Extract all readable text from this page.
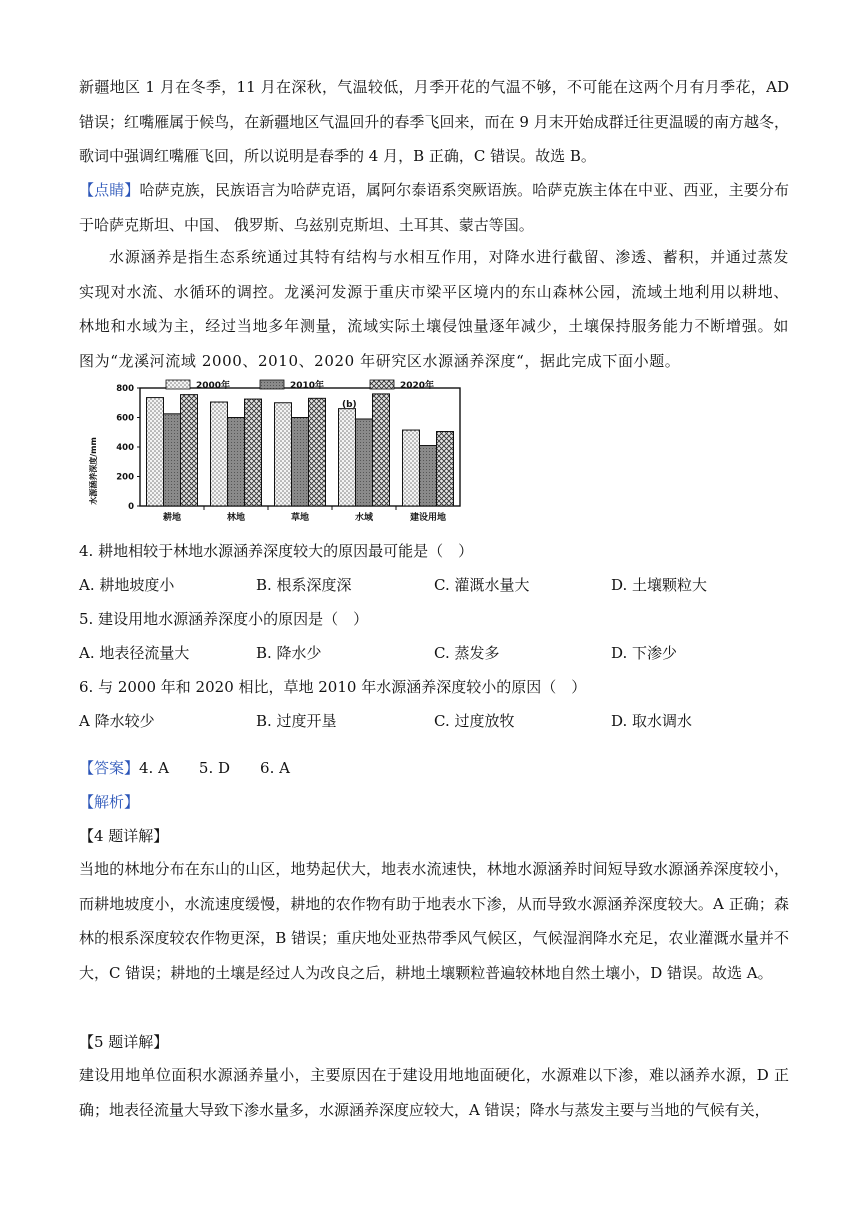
新疆地区 1 月在冬季，11 月在深秋，气温较低，月季开花的气温不够，不可能在这两个月有月季花，AD 错误；红嘴雁属于候鸟，在新疆地区气温回升的春季飞回来，而在 9 月末开始成群迁往更温暖的南方越冬，歌词中强调红嘴雁飞回，所以说明是春季的 4 月，B 正确，C 错误。故选 B。

【点睛】哈萨克族，民族语言为哈萨克语，属阿尔泰语系突厥语族。哈萨克族主体在中亚、西亚，主要分布于哈萨克斯坦、中国、 俄罗斯、乌兹别克斯坦、土耳其、蒙古等国。

水源涵养是指生态系统通过其特有结构与水相互作用，对降水进行截留、渗透、蓄积，并通过蒸发实现对水流、水循环的调控。龙溪河发源于重庆市梁平区境内的东山森林公园，流域土地利用以耕地、林地和水域为主，经过当地多年测量，流域实际土壤侵蚀量逐年减少，土壤保持服务能力不断增强。如图为“龙溪河流域 2000、2010、2020 年研究区水源涵养深度“，据此完成下面小题。

0
200
400
600
800
耕地	林地	草地	水域	建设用地
2000年	2010年	2020年
水源涵养深度/mm
(b)
4. 耕地相较于林地水源涵养深度较大的原因最可能是（　）
A. 耕地坡度小	B. 根系深度深	C. 灌溉水量大	D. 土壤颗粒大
5. 建设用地水源涵养深度小的原因是（　）
A. 地表径流量大	B. 降水少	C. 蒸发多	D. 下渗少
6. 与 2000 年和 2020 相比，草地 2010 年水源涵养深度较小的原因（　）
A 降水较少	B. 过度开垦	C. 过度放牧	D. 取水调水
【答案】4. A　　5. D　　6. A
【解析】
【4 题详解】

当地的林地分布在东山的山区，地势起伏大，地表水流速快，林地水源涵养时间短导致水源涵养深度较小，而耕地坡度小，水流速度缓慢，耕地的农作物有助于地表水下渗，从而导致水源涵养深度较大。A 正确；森林的根系深度较农作物更深，B 错误；重庆地处亚热带季风气候区，气候湿润降水充足，农业灌溉水量并不大，C 错误；耕地的土壤是经过人为改良之后，耕地土壤颗粒普遍较林地自然土壤小，D 错误。故选 A。

【5 题详解】

建设用地单位面积水源涵养量小，主要原因在于建设用地地面硬化，水源难以下渗，难以涵养水源，D 正确；地表径流量大导致下渗水量多，水源涵养深度应较大，A 错误；降水与蒸发主要与当地的气候有关，
